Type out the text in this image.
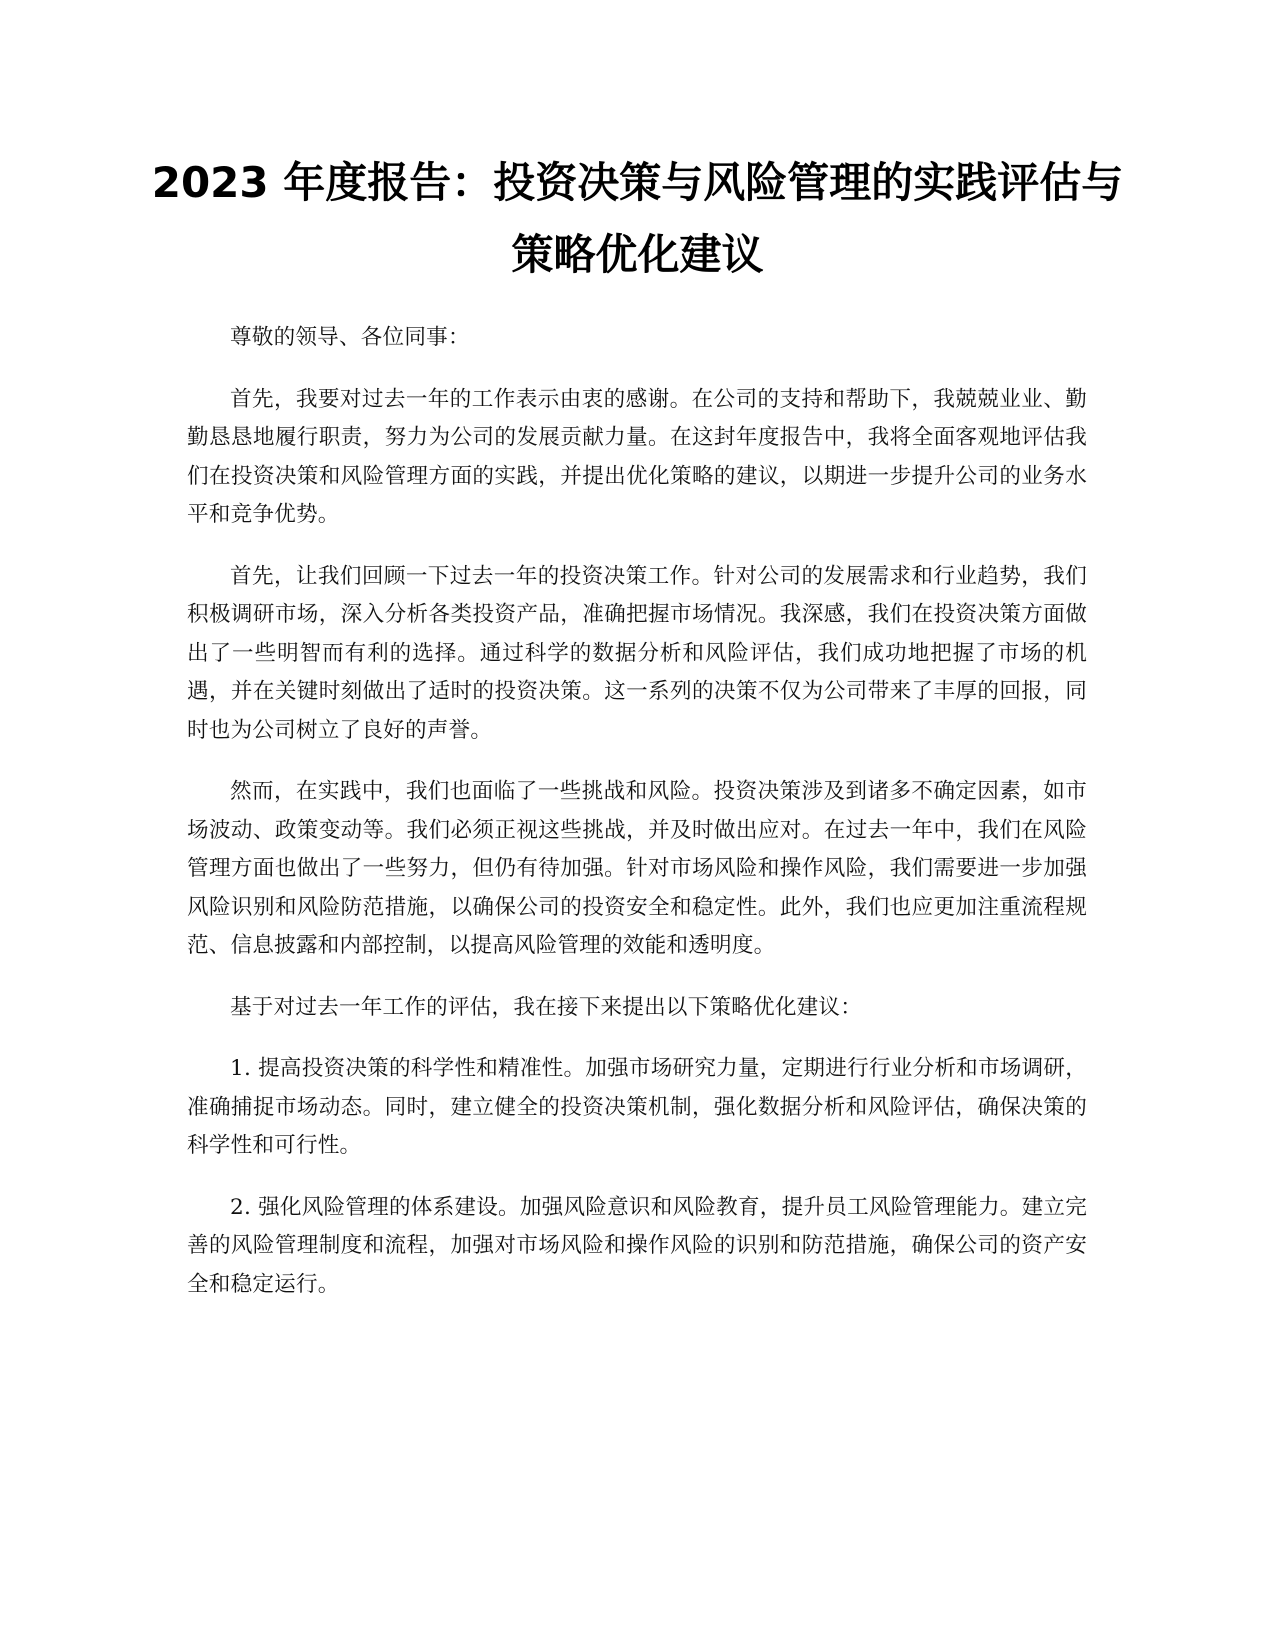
2023 年度报告：投资决策与风险管理的实践评估与策略优化建议

尊敬的领导、各位同事：

首先，我要对过去一年的工作表示由衷的感谢。在公司的支持和帮助下，我兢兢业业、勤勤恳恳地履行职责，努力为公司的发展贡献力量。在这封年度报告中，我将全面客观地评估我们在投资决策和风险管理方面的实践，并提出优化策略的建议，以期进一步提升公司的业务水平和竞争优势。

首先，让我们回顾一下过去一年的投资决策工作。针对公司的发展需求和行业趋势，我们积极调研市场，深入分析各类投资产品，准确把握市场情况。我深感，我们在投资决策方面做出了一些明智而有利的选择。通过科学的数据分析和风险评估，我们成功地把握了市场的机遇，并在关键时刻做出了适时的投资决策。这一系列的决策不仅为公司带来了丰厚的回报，同时也为公司树立了良好的声誉。

然而，在实践中，我们也面临了一些挑战和风险。投资决策涉及到诸多不确定因素，如市场波动、政策变动等。我们必须正视这些挑战，并及时做出应对。在过去一年中，我们在风险管理方面也做出了一些努力，但仍有待加强。针对市场风险和操作风险，我们需要进一步加强风险识别和风险防范措施，以确保公司的投资安全和稳定性。此外，我们也应更加注重流程规范、信息披露和内部控制，以提高风险管理的效能和透明度。

基于对过去一年工作的评估，我在接下来提出以下策略优化建议：

1. 提高投资决策的科学性和精准性。加强市场研究力量，定期进行行业分析和市场调研，准确捕捉市场动态。同时，建立健全的投资决策机制，强化数据分析和风险评估，确保决策的科学性和可行性。

2. 强化风险管理的体系建设。加强风险意识和风险教育，提升员工风险管理能力。建立完善的风险管理制度和流程，加强对市场风险和操作风险的识别和防范措施，确保公司的资产安全和稳定运行。
